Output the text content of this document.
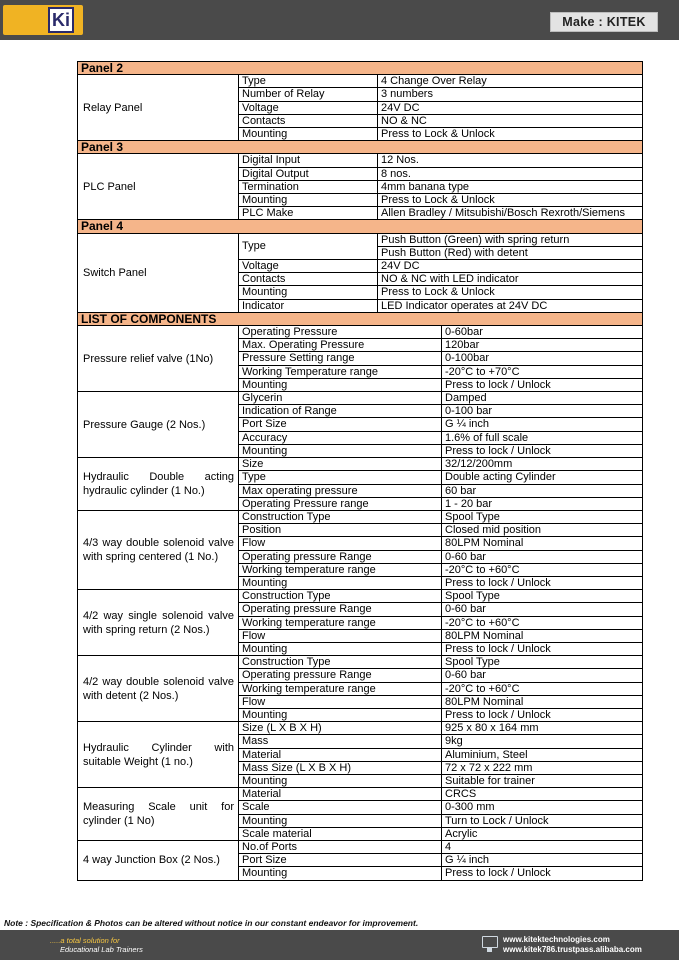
Ki	Make : KITEK
Panel 2			
Relay Panel	Type	4 Change Over Relay	
	Number of Relay	3 numbers	
	Voltage	24V DC	
	Contacts	NO & NC	
	Mounting	Press to Lock & Unlock	
Panel 3			
PLC Panel	Digital Input	12 Nos.	
	Digital Output	8 nos.	
	Termination	4mm banana type	
	Mounting	Press to Lock & Unlock	
	PLC Make	Allen Bradley / Mitsubishi/Bosch Rexroth/Siemens	
Panel 4			
Switch Panel	Type	Push Button (Green) with spring return	
		Push Button (Red) with detent	
	Voltage	24V DC	
	Contacts	NO & NC with LED indicator	
	Mounting	Press to Lock & Unlock	
	Indicator	LED Indicator operates at 24V DC	
LIST OF COMPONENTS			
Pressure relief valve (1No)	Operating Pressure		0-60bar
	Max. Operating Pressure		120bar
	Pressure Setting range		0-100bar
	Working Temperature range		-20°C to +70°C
	Mounting		Press to lock / Unlock
Pressure Gauge (2 Nos.)	Glycerin		Damped
	Indication of Range		0-100 bar
	Port Size		G ¼ inch
	Accuracy		1.6% of full scale
	Mounting		Press to lock / Unlock
Hydraulic Double acting hydraulic cylinder (1 No.)	Size		32/12/200mm
	Type		Double acting Cylinder
	Max operating pressure		60 bar
	Operating Pressure range		1 - 20 bar
4/3 way double solenoid valve with spring centered (1 No.)	Construction Type		Spool Type
	Position		Closed mid position
	Flow		80LPM Nominal
	Operating pressure Range		0-60 bar
	Working temperature range		-20°C to +60°C
	Mounting		Press to lock / Unlock
4/2 way single solenoid valve with spring return (2 Nos.)	Construction Type		Spool Type
	Operating pressure Range		0-60 bar
	Working temperature range		-20°C to +60°C
	Flow		80LPM Nominal
	Mounting		Press to lock / Unlock
4/2 way double solenoid valve with detent (2 Nos.)	Construction Type		Spool Type
	Operating pressure Range		0-60 bar
	Working temperature range		-20°C to +60°C
	Flow		80LPM Nominal
	Mounting		Press to lock / Unlock
Hydraulic Cylinder with suitable Weight (1 no.)	Size (L X B X H)		925 x 80 x 164 mm
	Mass		9kg
	Material		Aluminium, Steel
	Mass Size (L X B X H)		72 x 72 x 222 mm
	Mounting		Suitable for trainer
Measuring Scale unit for cylinder (1 No)	Material		CRCS
	Scale		0-300 mm
	Mounting		Turn to Lock / Unlock
	Scale material		Acrylic
4 way Junction Box (2 Nos.)	No.of Ports		4
	Port Size		G ¼ inch
	Mounting		Press to lock / Unlock
Note : Specification & Photos can be altered without notice in our constant endeavor for improvement.
.....a total solution for
Educational Lab Trainers
www.kitektechnologies.com
www.kitek786.trustpass.alibaba.com
